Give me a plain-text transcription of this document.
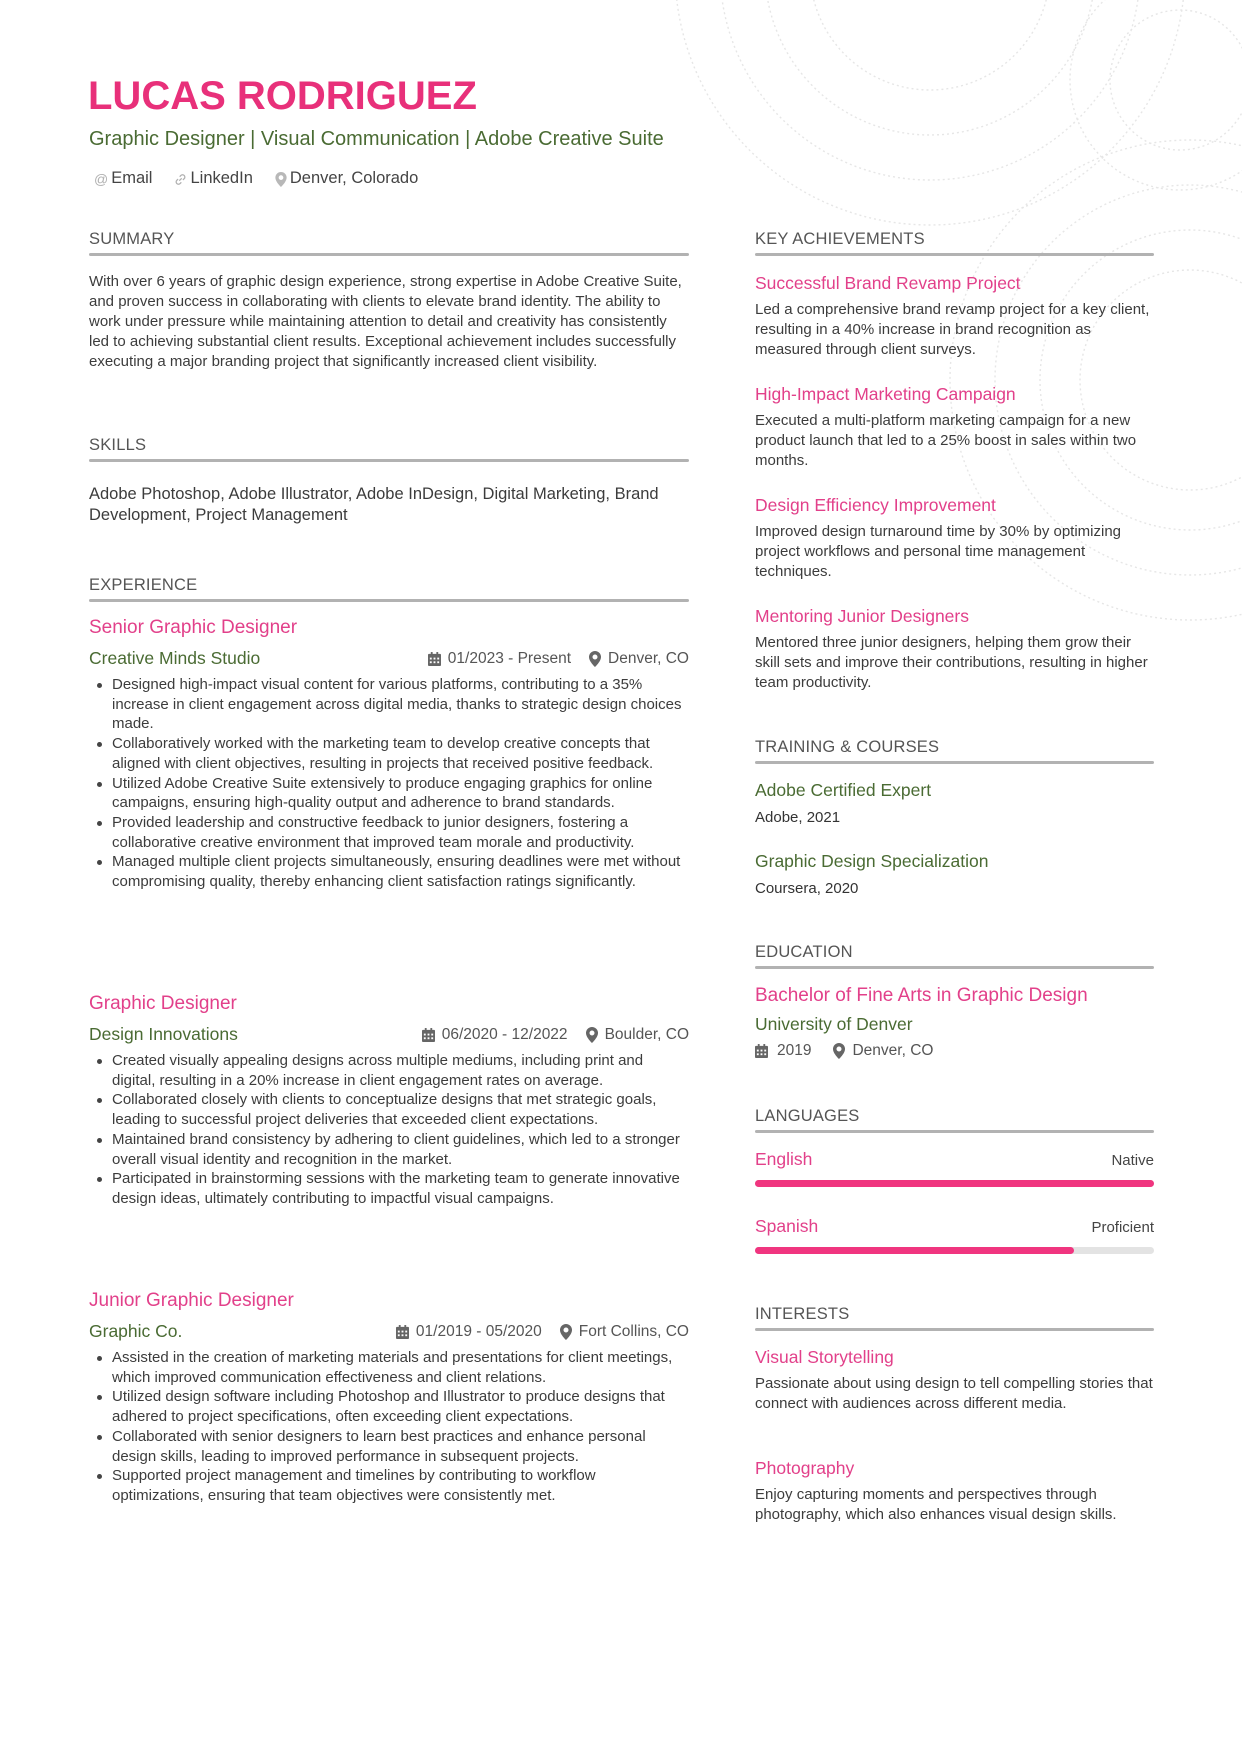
LUCAS RODRIGUEZ
Graphic Designer | Visual Communication | Adobe Creative Suite
@ Email LinkedIn Denver, Colorado
SUMMARY
With over 6 years of graphic design experience, strong expertise in Adobe Creative Suite, and proven success in collaborating with clients to elevate brand identity. The ability to work under pressure while maintaining attention to detail and creativity has consistently led to achieving substantial client results. Exceptional achievement includes successfully executing a major branding project that significantly increased client visibility.
SKILLS
Adobe Photoshop, Adobe Illustrator, Adobe InDesign, Digital Marketing, Brand Development, Project Management
EXPERIENCE
Senior Graphic Designer
Creative Minds Studio	01/2023 - Present Denver, CO
Designed high-impact visual content for various platforms, contributing to a 35% increase in client engagement across digital media, thanks to strategic design choices made.
Collaboratively worked with the marketing team to develop creative concepts that aligned with client objectives, resulting in projects that received positive feedback.
Utilized Adobe Creative Suite extensively to produce engaging graphics for online campaigns, ensuring high-quality output and adherence to brand standards.
Provided leadership and constructive feedback to junior designers, fostering a collaborative creative environment that improved team morale and productivity.
Managed multiple client projects simultaneously, ensuring deadlines were met without compromising quality, thereby enhancing client satisfaction ratings significantly.
Graphic Designer
Design Innovations	06/2020 - 12/2022 Boulder, CO
Created visually appealing designs across multiple mediums, including print and digital, resulting in a 20% increase in client engagement rates on average.
Collaborated closely with clients to conceptualize designs that met strategic goals, leading to successful project deliveries that exceeded client expectations.
Maintained brand consistency by adhering to client guidelines, which led to a stronger overall visual identity and recognition in the market.
Participated in brainstorming sessions with the marketing team to generate innovative design ideas, ultimately contributing to impactful visual campaigns.
Junior Graphic Designer
Graphic Co.	01/2019 - 05/2020 Fort Collins, CO
Assisted in the creation of marketing materials and presentations for client meetings, which improved communication effectiveness and client relations.
Utilized design software including Photoshop and Illustrator to produce designs that adhered to project specifications, often exceeding client expectations.
Collaborated with senior designers to learn best practices and enhance personal design skills, leading to improved performance in subsequent projects.
Supported project management and timelines by contributing to workflow optimizations, ensuring that team objectives were consistently met.
KEY ACHIEVEMENTS
Successful Brand Revamp Project
Led a comprehensive brand revamp project for a key client, resulting in a 40% increase in brand recognition as measured through client surveys.
High-Impact Marketing Campaign
Executed a multi-platform marketing campaign for a new product launch that led to a 25% boost in sales within two months.
Design Efficiency Improvement
Improved design turnaround time by 30% by optimizing project workflows and personal time management techniques.
Mentoring Junior Designers
Mentored three junior designers, helping them grow their skill sets and improve their contributions, resulting in higher team productivity.
TRAINING & COURSES
Adobe Certified Expert
Adobe, 2021
Graphic Design Specialization
Coursera, 2020
EDUCATION
Bachelor of Fine Arts in Graphic Design
University of Denver
2019	Denver, CO
LANGUAGES
English	Native
Spanish	Proficient
INTERESTS
Visual Storytelling
Passionate about using design to tell compelling stories that connect with audiences across different media.
Photography
Enjoy capturing moments and perspectives through photography, which also enhances visual design skills.
